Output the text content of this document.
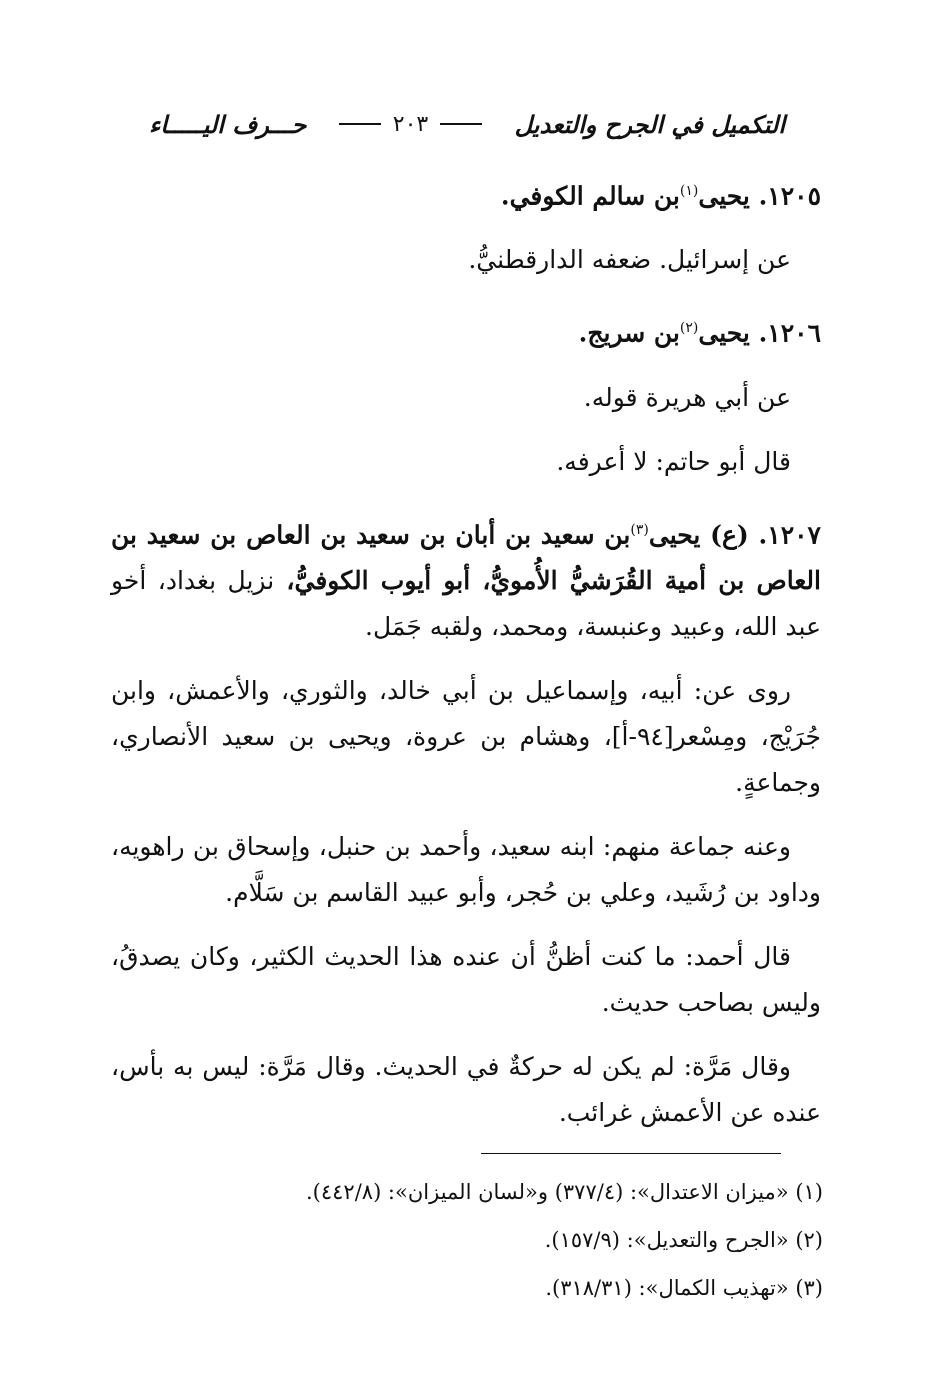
التكميل في الجرح والتعديل
٢٠٣
حـــرف اليـــــاء

١٢٠٥. يحيى$^{(١)}$بن سالم الكوفي.

عن إسرائيل. ضعفه الدارقطنيُّ.

١٢٠٦. يحيى$^{(٢)}$بن سريج.

عن أبي هريرة قوله.

قال أبو حاتم: لا أعرفه.

١٢٠٧. (ع) يحيى$^{(٣)}$بن سعيد بن أبان بن سعيد بن العاص بن سعيد بن العاص بن أمية القُرَشيُّ الأُمويُّ، أبو أيوب الكوفيُّ، نزيل بغداد، أخو عبد الله، وعبيد وعنبسة، ومحمد، ولقبه جَمَل.

روى عن: أبيه، وإسماعيل بن أبي خالد، والثوري، والأعمش، وابن جُرَيْج، ومِسْعر[٩٤-أ]، وهشام بن عروة، ويحيى بن سعيد الأنصاري، وجماعةٍ.

وعنه جماعة منهم: ابنه سعيد، وأحمد بن حنبل، وإسحاق بن راهويه، وداود بن رُشَيد، وعلي بن حُجر، وأبو عبيد القاسم بن سَلَّام.

قال أحمد: ما كنت أظنُّ أن عنده هذا الحديث الكثير، وكان يصدقُ، وليس بصاحب حديث.

وقال مَرَّة: لم يكن له حركةٌ في الحديث. وقال مَرَّة: ليس به بأس، عنده عن الأعمش غرائب.

(١) «ميزان الاعتدال»: (٣٧٧/٤) و«لسان الميزان»: (٤٤٢/٨).

(٢) «الجرح والتعديل»: (١٥٧/٩).

(٣) «تهذيب الكمال»: (٣١٨/٣١).
